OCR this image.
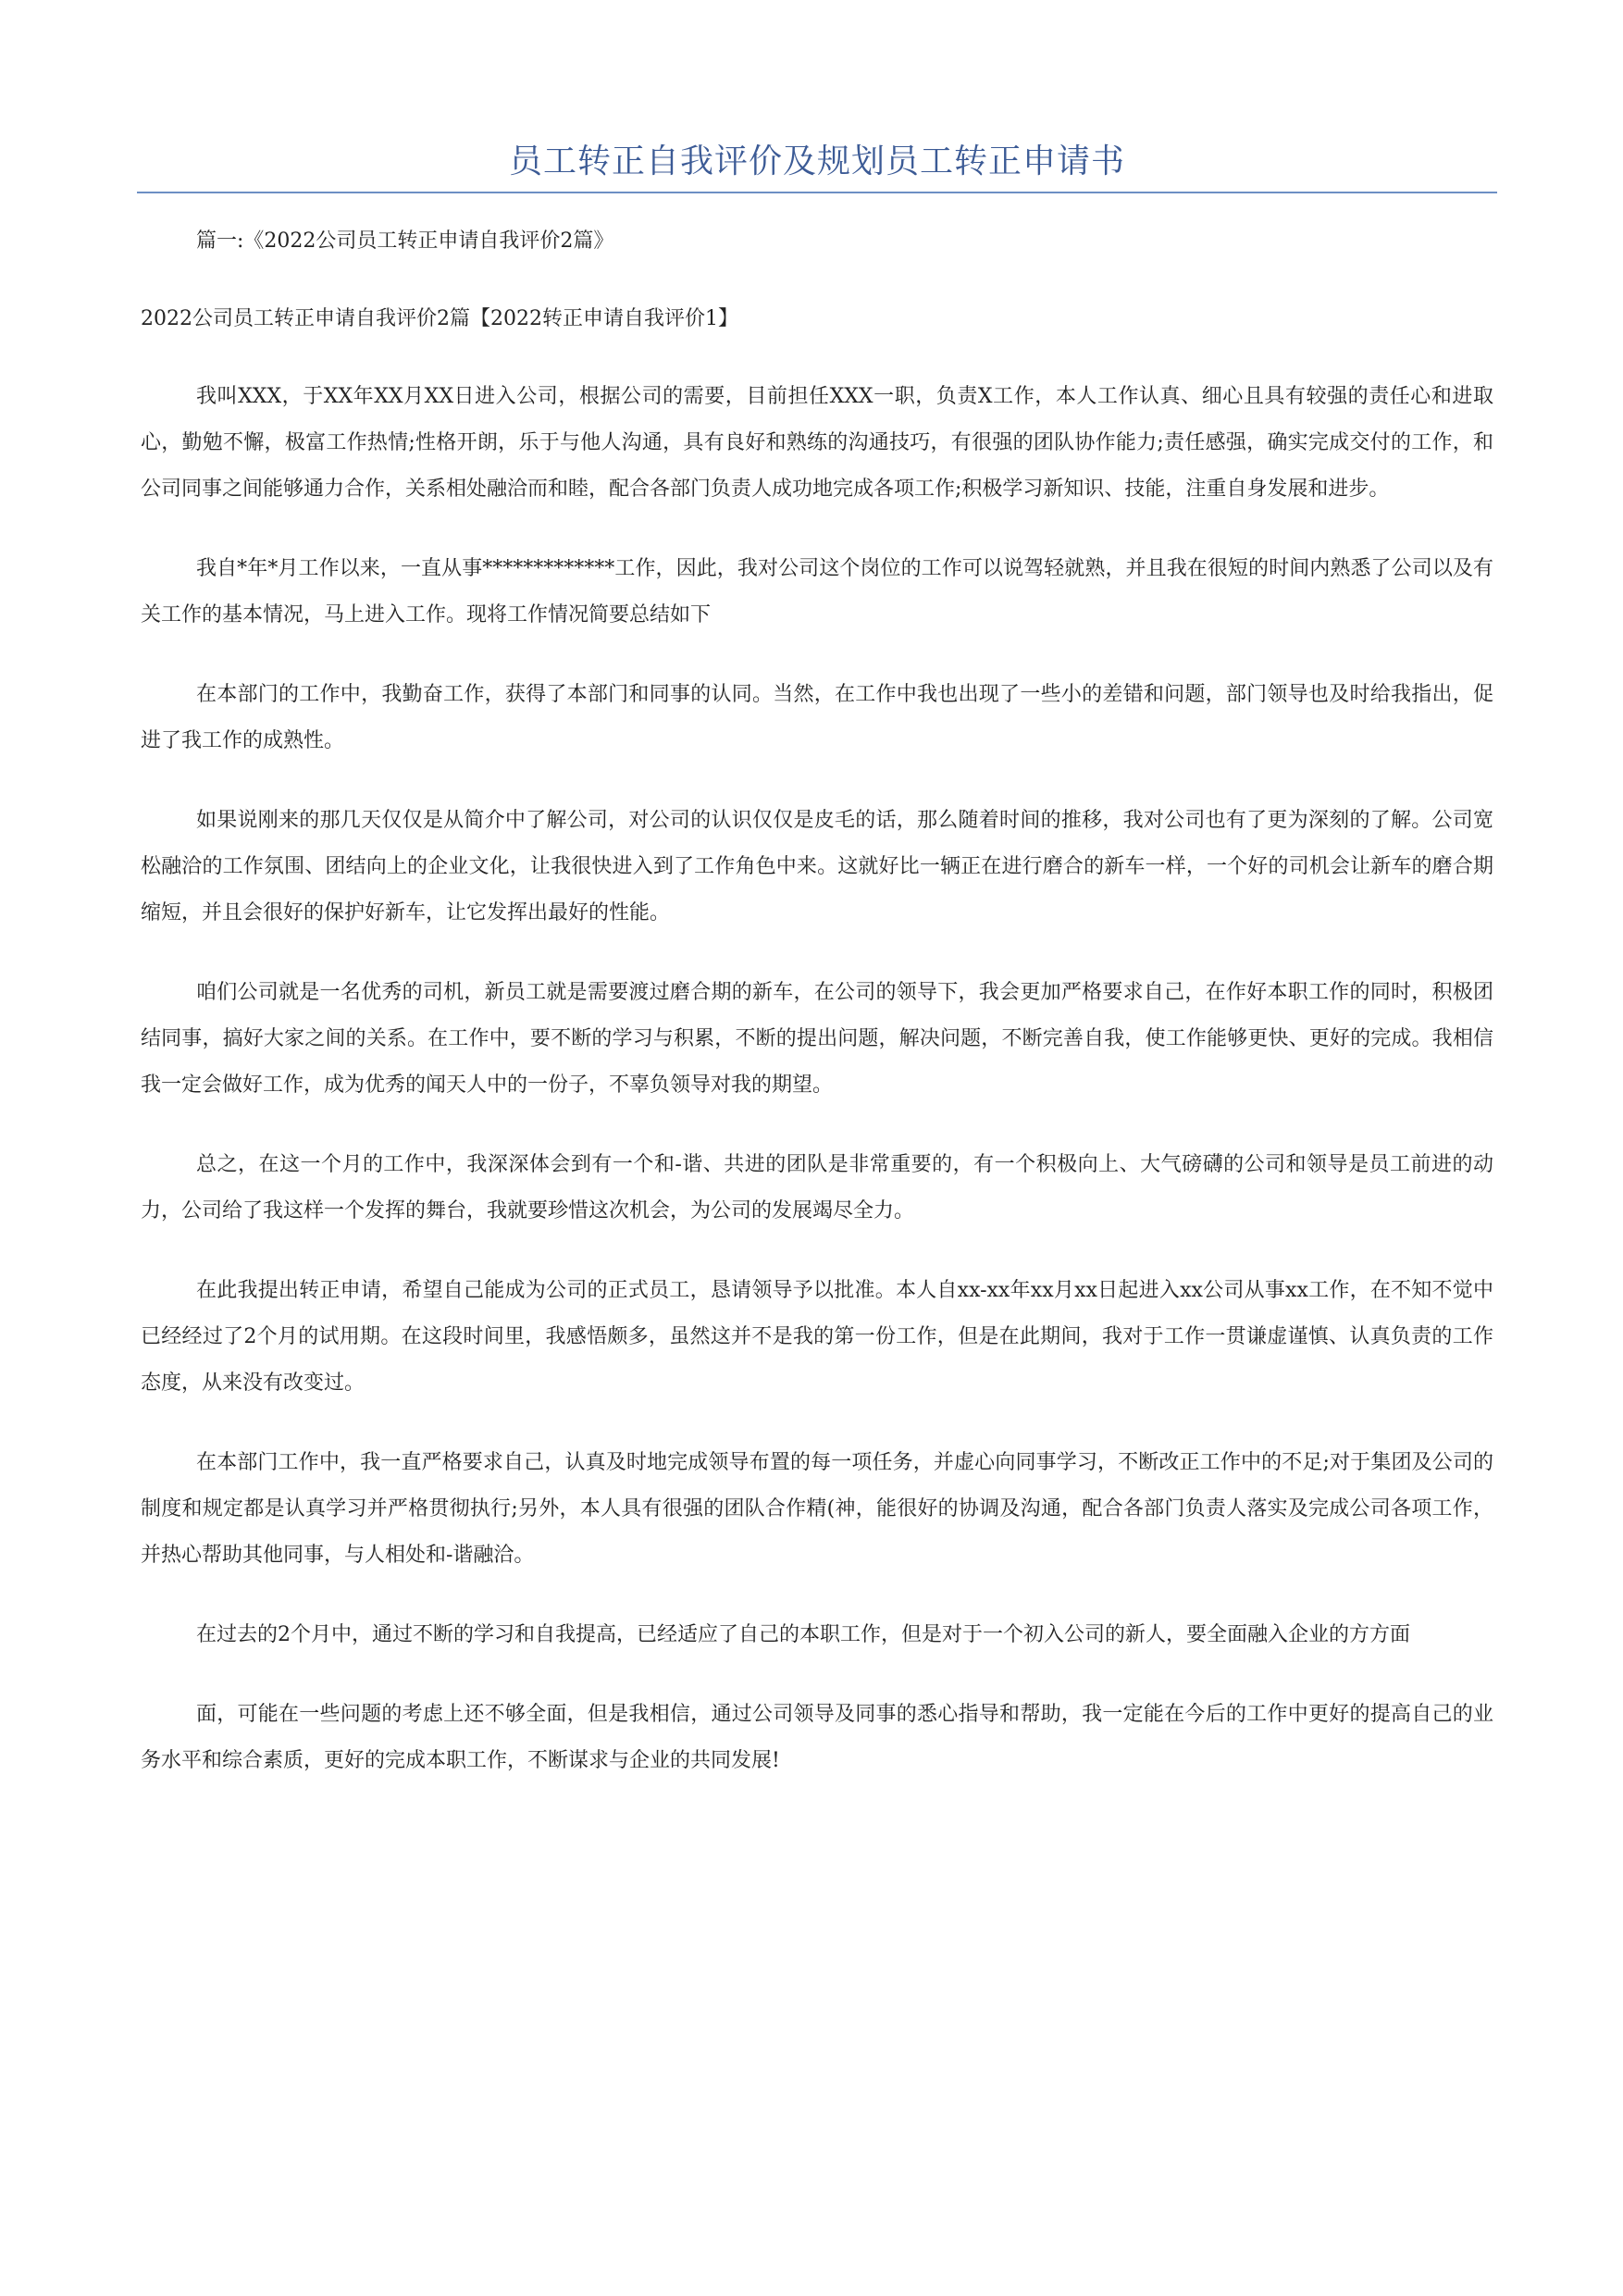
员工转正自我评价及规划员工转正申请书

篇一:《2022公司员工转正申请自我评价2篇》

2022公司员工转正申请自我评价2篇【2022转正申请自我评价1】

我叫XXX，于XX年XX月XX日进入公司，根据公司的需要，目前担任XXX一职，负责X工作，本人工作认真、细心且具有较强的责任心和进取心，勤勉不懈，极富工作热情;性格开朗，乐于与他人沟通，具有良好和熟练的沟通技巧，有很强的团队协作能力;责任感强，确实完成交付的工作，和公司同事之间能够通力合作，关系相处融洽而和睦，配合各部门负责人成功地完成各项工作;积极学习新知识、技能，注重自身发展和进步。

我自*年*月工作以来，一直从事*************工作，因此，我对公司这个岗位的工作可以说驾轻就熟，并且我在很短的时间内熟悉了公司以及有关工作的基本情况，马上进入工作。现将工作情况简要总结如下

在本部门的工作中，我勤奋工作，获得了本部门和同事的认同。当然，在工作中我也出现了一些小的差错和问题，部门领导也及时给我指出，促进了我工作的成熟性。

如果说刚来的那几天仅仅是从简介中了解公司，对公司的认识仅仅是皮毛的话，那么随着时间的推移，我对公司也有了更为深刻的了解。公司宽松融洽的工作氛围、团结向上的企业文化，让我很快进入到了工作角色中来。这就好比一辆正在进行磨合的新车一样，一个好的司机会让新车的磨合期缩短，并且会很好的保护好新车，让它发挥出最好的性能。

咱们公司就是一名优秀的司机，新员工就是需要渡过磨合期的新车，在公司的领导下，我会更加严格要求自己，在作好本职工作的同时，积极团结同事，搞好大家之间的关系。在工作中，要不断的学习与积累，不断的提出问题，解决问题，不断完善自我，使工作能够更快、更好的完成。我相信我一定会做好工作，成为优秀的闻天人中的一份子，不辜负领导对我的期望。

总之，在这一个月的工作中，我深深体会到有一个和-谐、共进的团队是非常重要的，有一个积极向上、大气磅礴的公司和领导是员工前进的动力，公司给了我这样一个发挥的舞台，我就要珍惜这次机会，为公司的发展竭尽全力。

在此我提出转正申请，希望自己能成为公司的正式员工，恳请领导予以批准。本人自xx-xx年xx月xx日起进入xx公司从事xx工作，在不知不觉中已经经过了2个月的试用期。在这段时间里，我感悟颇多，虽然这并不是我的第一份工作，但是在此期间，我对于工作一贯谦虚谨慎、认真负责的工作态度，从来没有改变过。

在本部门工作中，我一直严格要求自己，认真及时地完成领导布置的每一项任务，并虚心向同事学习，不断改正工作中的不足;对于集团及公司的制度和规定都是认真学习并严格贯彻执行;另外，本人具有很强的团队合作精(神，能很好的协调及沟通，配合各部门负责人落实及完成公司各项工作，并热心帮助其他同事，与人相处和-谐融洽。

在过去的2个月中，通过不断的学习和自我提高，已经适应了自己的本职工作，但是对于一个初入公司的新人，要全面融入企业的方方面

面，可能在一些问题的考虑上还不够全面，但是我相信，通过公司领导及同事的悉心指导和帮助，我一定能在今后的工作中更好的提高自己的业务水平和综合素质，更好的完成本职工作，不断谋求与企业的共同发展!
